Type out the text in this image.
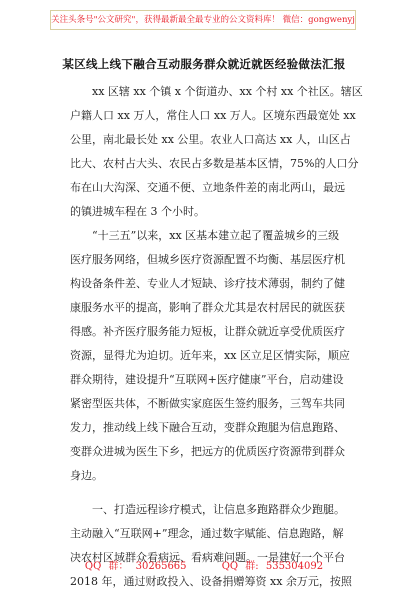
关注头条号"公文研究"，获得最新最全最专业的公文资料库！ 微信：gongwenyj
某区线上线下融合互动服务群众就近就医经验做法汇报
xx 区辖 xx 个镇 x 个街道办、xx 个村 xx 个社区。辖区
户籍人口 xx 万人，常住人口 xx 万人。区境东西最宽处 xx
公里，南北最长处 xx 公里。农业人口高达 xx 人，山区占
比大、农村占大头、农民占多数是基本区情，75%的人口分
布在山大沟深、交通不便、立地条件差的南北两山，最远
的镇进城车程在 3 个小时。
“十三五”以来，xx 区基本建立起了覆盖城乡的三级
医疗服务网络，但城乡医疗资源配置不均衡、基层医疗机
构设备条件差、专业人才短缺、诊疗技术薄弱，制约了健
康服务水平的提高，影响了群众尤其是农村居民的就医获
得感。补齐医疗服务能力短板，让群众就近享受优质医疗
资源，显得尤为迫切。近年来，xx 区立足区情实际，顺应
群众期待，建设提升“互联网+医疗健康”平台，启动建设
紧密型医共体，不断做实家庭医生签约服务，三驾车共同
发力，推动线上线下融合互动，变群众跑腿为信息跑路、
变群众进城为医生下乡，把远方的优质医疗资源带到群众
身边。
一、打造远程诊疗模式，让信息多跑路群众少跑腿。
主动融入“互联网+”理念，通过数字赋能、信息跑路，解
决农村区域群众看病远、看病难问题。一是建好一个平台
2018 年，通过财政投入、设备捐赠筹资 xx 余万元，按照
QQ 群： 30265665	QQ 群: 535304092
